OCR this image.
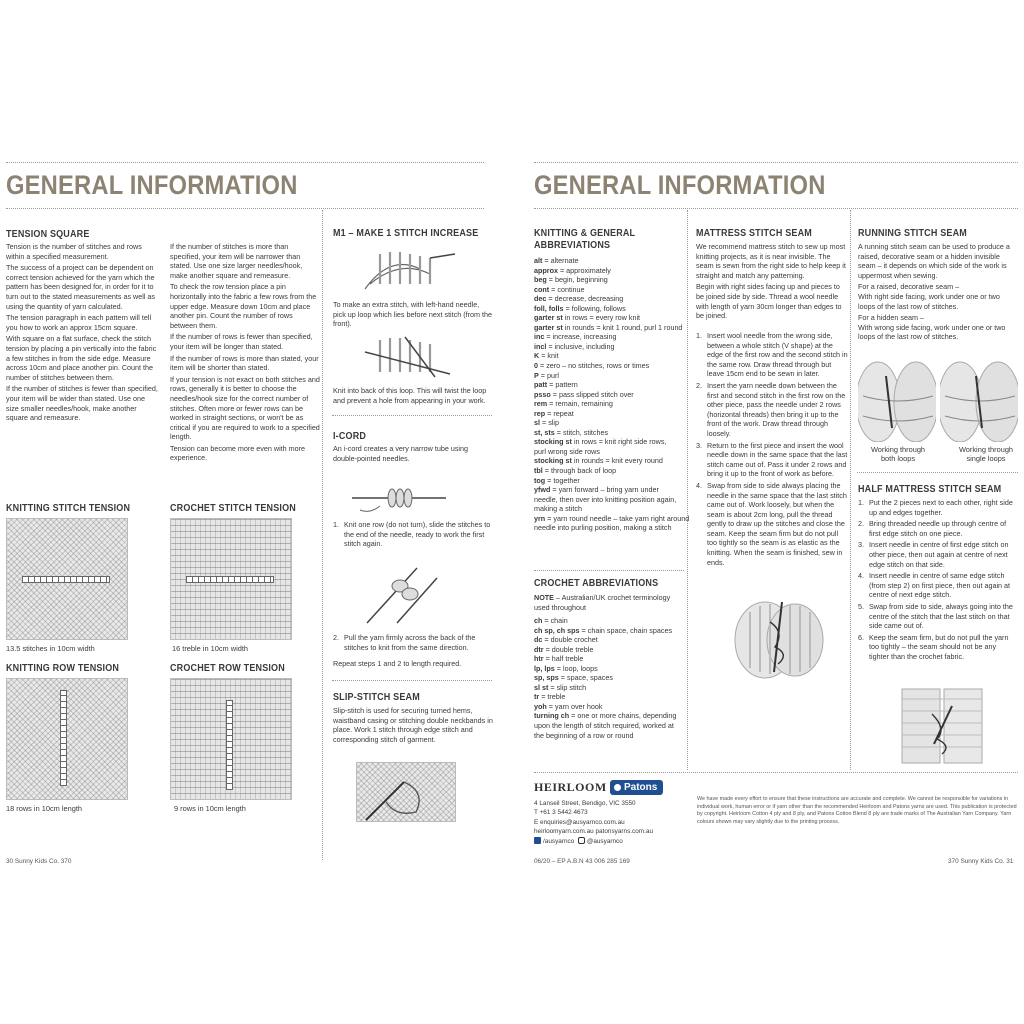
GENERAL INFORMATION
TENSION SQUARE

Tension is the number of stitches and rows within a specified measurement.

The success of a project can be dependent on correct tension achieved for the yarn which the pattern has been designed for, in order for it to turn out to the stated measurements as well as using the quantity of yarn calculated.

The tension paragraph in each pattern will tell you how to work an approx 15cm square.

With square on a flat surface, check the stitch tension by placing a pin vertically into the fabric a few stitches in from the side edge. Measure across 10cm and place another pin. Count the number of stitches between them.

If the number of stitches is fewer than specified, your item will be wider than stated. Use one size smaller needles/hook, make another square and remeasure.

If the number of stitches is more than specified, your item will be narrower than stated. Use one size larger needles/hook, make another square and remeasure.

To check the row tension place a pin horizontally into the fabric a few rows from the upper edge. Measure down 10cm and place another pin. Count the number of rows between them.

If the number of rows is fewer than specified, your item will be longer than stated.

If the number of rows is more than stated, your item will be shorter than stated.

If your tension is not exact on both stitches and rows, generally it is better to choose the needles/hook size for the correct number of stitches. Often more or fewer rows can be worked in straight sections, or won't be as critical if you are required to work to a specified length.

Tension can become more even with more experience.

KNITTING STITCH TENSION
13.5 stitches in 10cm width
CROCHET STITCH TENSION
16 treble in 10cm width
KNITTING ROW TENSION
18 rows in 10cm length
CROCHET ROW TENSION
9 rows in 10cm length
M1 – MAKE 1 STITCH INCREASE
To make an extra stitch, with left-hand needle, pick up loop which lies before next stitch (from the front).
Knit into back of this loop. This will twist the loop and prevent a hole from appearing in your work.
I-CORD
An i-cord creates a very narrow tube using double-pointed needles.
1. Knit one row (do not turn), slide the stitches to the end of the needle, ready to work the first stitch again.
2. Pull the yarn firmly across the back of the stitches to knit from the same direction.
Repeat steps 1 and 2 to length required.
SLIP-STITCH SEAM
Slip-stitch is used for securing turned hems, waistband casing or stitching double neckbands in place. Work 1 stitch through edge stitch and corresponding stitch of garment.
30 Sunny Kids Co. 370
GENERAL INFORMATION
KNITTING & GENERAL
ABBREVIATIONS
alt = alternate
approx = approximately
beg = begin, beginning
cont = continue
dec = decrease, decreasing
foll, folls = following, follows
garter st in rows = every row knit
garter st in rounds = knit 1 round, purl 1 round
inc = increase, increasing
incl = inclusive, including
K = knit
0 = zero – no stitches, rows or times
P = purl
patt = pattern
psso = pass slipped stitch over
rem = remain, remaining
rep = repeat
sl = slip
st, sts = stitch, stitches
stocking st in rows = knit right side rows,
purl wrong side rows
stocking st in rounds = knit every round
tbl = through back of loop
tog = together
yfwd = yarn forward – bring yarn under
needle, then over into knitting position again,
making a stitch
yrn = yarn round needle – take yarn right around
needle into purling position, making a stitch
CROCHET ABBREVIATIONS
NOTE – Australian/UK crochet terminology used throughout
ch = chain
ch sp, ch sps = chain space, chain spaces
dc = double crochet
dtr = double treble
htr = half treble
lp, lps = loop, loops
sp, sps = space, spaces
sl st = slip stitch
tr = treble
yoh = yarn over hook
turning ch = one or more chains, depending
upon the length of stitch required, worked at
the beginning of a row or round
MATTRESS STITCH SEAM

We recommend mattress stitch to sew up most knitting projects, as it is near invisible. The seam is sewn from the right side to help keep it straight and match any patterning.

Begin with right sides facing up and pieces to be joined side by side. Thread a wool needle with length of yarn 30cm longer than edges to be joined.

1. Insert wool needle from the wrong side, between a whole stitch (V shape) at the edge of the first row and the second stitch in the same row. Draw thread through but leave 15cm end to be sewn in later.
2. Insert the yarn needle down between the first and second stitch in the first row on the other piece, pass the needle under 2 rows (horizontal threads) then bring it up to the front of the work. Draw thread through loosely.
3. Return to the first piece and insert the wool needle down in the same space that the last stitch came out of. Pass it under 2 rows and bring it up to the front of work as before.
4. Swap from side to side always placing the needle in the same space that the last stitch came out of. Work loosely, but when the seam is about 2cm long, pull the thread gently to draw up the stitches and close the seam. Keep the seam firm but do not pull too tightly so the seam is as elastic as the knitting. When the seam is finished, sew in ends.
RUNNING STITCH SEAM

A running stitch seam can be used to produce a raised, decorative seam or a hidden invisible seam – it depends on which side of the work is uppermost when sewing.

For a raised, decorative seam –

With right side facing, work under one or two loops of the last row of stitches.

For a hidden seam –

With wrong side facing, work under one or two loops of the last row of stitches.

Working through
both loops
Working through
single loops
HALF MATTRESS STITCH SEAM
1. Put the 2 pieces next to each other, right side up and edges together.
2. Bring threaded needle up through centre of first edge stitch on one piece.
3. Insert needle in centre of first edge stitch on other piece, then out again at centre of next edge stitch on that side.
4. Insert needle in centre of same edge stitch (from step 2) on first piece, then out again at centre of next edge stitch.
5. Swap from side to side, always going into the centre of the stitch that the last stitch on that side came out of.
6. Keep the seam firm, but do not pull the yarn too tightly – the seam should not be any tighter than the crochet fabric.
HEIRLOOM	Patons
4 Lanseil Street, Bendigo, VIC 3550
T +61 3 5442 4673
E enquiries@ausyarnco.com.au
heirloomyarn.com.au patonsyarns.com.au
/ausyarnco @ausyarnco
We have made every effort to ensure that these instructions are accurate and complete. We cannot be responsible for variations in individual work, human error or if yarn other than the recommended Heirloom and Patons yarns are used. This publication is protected by copyright. Heirloom Cotton 4 ply and 8 ply, and Patons Cotton Blend 8 ply are trade marks of The Australian Yarn Company. Yarn colours shown may vary slightly due to the printing process.
06/20 – EP A.B.N 43 006 285 169	370 Sunny Kids Co. 31
